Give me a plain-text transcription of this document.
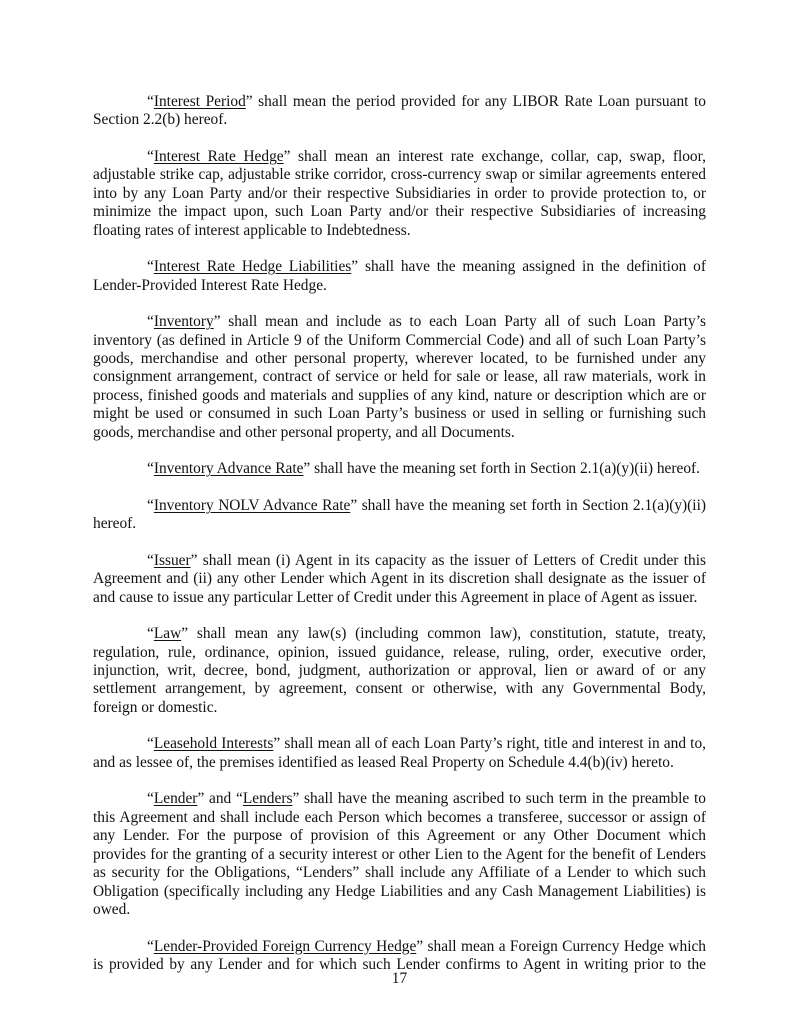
“Interest Period” shall mean the period provided for any LIBOR Rate Loan pursuant to
Section 2.2(b) hereof.
“Interest Rate Hedge” shall mean an interest rate exchange, collar, cap, swap, floor,
adjustable strike cap, adjustable strike corridor, cross-currency swap or similar agreements entered
into by any Loan Party and/or their respective Subsidiaries in order to provide protection to, or
minimize the impact upon, such Loan Party and/or their respective Subsidiaries of increasing
floating rates of interest applicable to Indebtedness.
“Interest Rate Hedge Liabilities” shall have the meaning assigned in the definition of
Lender-Provided Interest Rate Hedge.
“Inventory” shall mean and include as to each Loan Party all of such Loan Party’s
inventory (as defined in Article 9 of the Uniform Commercial Code) and all of such Loan Party’s
goods, merchandise and other personal property, wherever located, to be furnished under any
consignment arrangement, contract of service or held for sale or lease, all raw materials, work in
process, finished goods and materials and supplies of any kind, nature or description which are or
might be used or consumed in such Loan Party’s business or used in selling or furnishing such
goods, merchandise and other personal property, and all Documents.
“Inventory Advance Rate” shall have the meaning set forth in Section 2.1(a)(y)(ii) hereof.
“Inventory NOLV Advance Rate” shall have the meaning set forth in Section 2.1(a)(y)(ii)
hereof.
“Issuer” shall mean (i) Agent in its capacity as the issuer of Letters of Credit under this
Agreement and (ii) any other Lender which Agent in its discretion shall designate as the issuer of
and cause to issue any particular Letter of Credit under this Agreement in place of Agent as issuer.
“Law” shall mean any law(s) (including common law), constitution, statute, treaty,
regulation, rule, ordinance, opinion, issued guidance, release, ruling, order, executive order,
injunction, writ, decree, bond, judgment, authorization or approval, lien or award of or any
settlement arrangement, by agreement, consent or otherwise, with any Governmental Body,
foreign or domestic.
“Leasehold Interests” shall mean all of each Loan Party’s right, title and interest in and to,
and as lessee of, the premises identified as leased Real Property on Schedule 4.4(b)(iv) hereto.
“Lender” and “Lenders” shall have the meaning ascribed to such term in the preamble to
this Agreement and shall include each Person which becomes a transferee, successor or assign of
any Lender. For the purpose of provision of this Agreement or any Other Document which
provides for the granting of a security interest or other Lien to the Agent for the benefit of Lenders
as security for the Obligations, “Lenders” shall include any Affiliate of a Lender to which such
Obligation (specifically including any Hedge Liabilities and any Cash Management Liabilities) is
owed.
“Lender-Provided Foreign Currency Hedge” shall mean a Foreign Currency Hedge which
is provided by any Lender and for which such Lender confirms to Agent in writing prior to the
17
